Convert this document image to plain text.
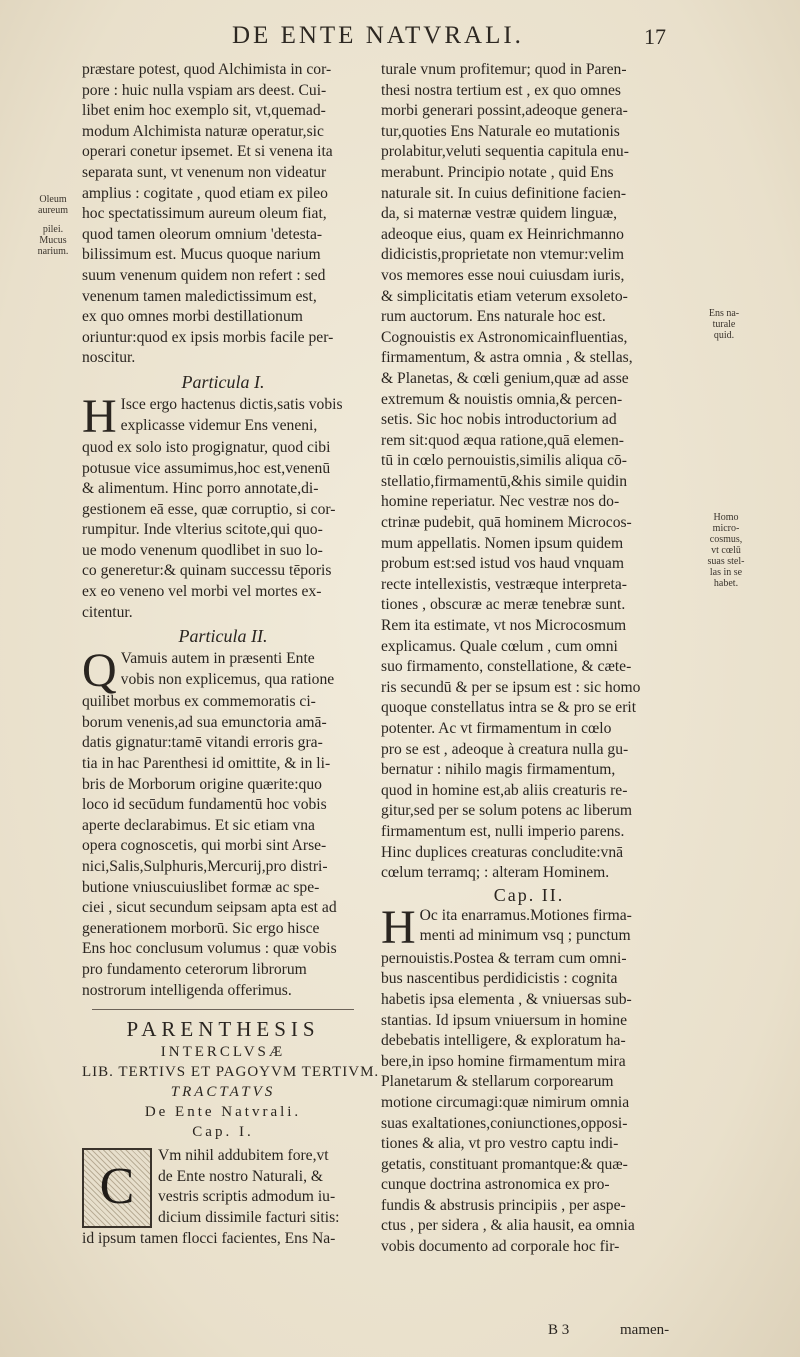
DE ENTE NATVRALI.	17
Oleum
aureum
pilei.
Mucus
narium.
Ens na-
turale
quid.
Homo
micro-
cosmus,
vt cœlū
suas stel-
las in se
habet.
præstare potest, quod Alchimista in cor-
pore : huic nulla vspiam ars deest. Cui-
libet enim hoc exemplo sit, vt,quemad-
modum Alchimista naturæ operatur,sic
operari conetur ipsemet. Et si venena ita
separata sunt, vt venenum non videatur
amplius : cogitate , quod etiam ex pileo
hoc spectatissimum aureum oleum fiat,
quod tamen oleorum omnium 'detesta-
bilissimum est. Mucus quoque narium
suum venenum quidem non refert : sed
venenum tamen maledictissimum est,
ex quo omnes morbi destillationum
oriuntur:quod ex ipsis morbis facile per-
noscitur.
Particula I.
H Isce ergo hactenus dictis,satis vobis
explicasse videmur Ens veneni,
quod ex solo isto progignatur, quod cibi
potusue vice assumimus,hoc est,venenū
& alimentum. Hinc porro annotate,di-
gestionem eā esse, quæ corruptio, si cor-
rumpitur. Inde vlterius scitote,qui quo-
ue modo venenum quodlibet in suo lo-
co generetur:& quinam successu tēporis
ex eo veneno vel morbi vel mortes ex-
citentur.
Particula II.
Q Vamuis autem in præsenti Ente
vobis non explicemus, qua ratione
quilibet morbus ex commemoratis ci-
borum venenis,ad sua emunctoria amā-
datis gignatur:tamē vitandi erroris gra-
tia in hac Parenthesi id omittite, & in li-
bris de Morborum origine quærite:quo
loco id secūdum fundamentū hoc vobis
aperte declarabimus. Et sic etiam vna
opera cognoscetis, qui morbi sint Arse-
nici,Salis,Sulphuris,Mercurij,pro distri-
butione vniuscuiuslibet formæ ac spe-
ciei , sicut secundum seipsam apta est ad
generationem morborū. Sic ergo hisce
Ens hoc conclusum volumus : quæ vobis
pro fundamento ceterorum librorum
nostrorum intelligenda offerimus.
PARENTHESIS
INTERCLVSÆ
LIB. TERTIVS ET PAGOYVM TERTIVM.
TRACTATVS
De Ente Natvrali.
Cap. I.
C
Vm nihil addubitem fore,vt
de Ente nostro Naturali, &
vestris scriptis admodum iu-
dicium dissimile facturi sitis:
id ipsum tamen flocci facientes, Ens Na-
turale vnum profitemur; quod in Paren-
thesi nostra tertium est , ex quo omnes
morbi generari possint,adeoque genera-
tur,quoties Ens Naturale eo mutationis
prolabitur,veluti sequentia capitula enu-
merabunt. Principio notate , quid Ens
naturale sit. In cuius definitione facien-
da, si maternæ vestræ quidem linguæ,
adeoque eius, quam ex Heinrichmanno
didicistis,proprietate non vtemur:velim
vos memores esse noui cuiusdam iuris,
& simplicitatis etiam veterum exsoleto-
rum auctorum. Ens naturale hoc est.
Cognouistis ex Astronomicainfluentias,
firmamentum, & astra omnia , & stellas,
& Planetas, & cœli genium,quæ ad asse
extremum & nouistis omnia,& percen-
setis. Sic hoc nobis introductorium ad
rem sit:quod æqua ratione,quā elemen-
tū in cœlo pernouistis,similis aliqua cō-
stellatio,firmamentū,&his simile quidin
homine reperiatur. Nec vestræ nos do-
ctrinæ pudebit, quā hominem Microcos-
mum appellatis. Nomen ipsum quidem
probum est:sed istud vos haud vnquam
recte intellexistis, vestræque interpreta-
tiones , obscuræ ac meræ tenebræ sunt.
Rem ita estimate, vt nos Microcosmum
explicamus. Quale cœlum , cum omni
suo firmamento, constellatione, & cæte-
ris secundū & per se ipsum est : sic homo
quoque constellatus intra se & pro se erit
potenter. Ac vt firmamentum in cœlo
pro se est , adeoque à creatura nulla gu-
bernatur : nihilo magis firmamentum,
quod in homine est,ab aliis creaturis re-
gitur,sed per se solum potens ac liberum
firmamentum est, nulli imperio parens.
Hinc duplices creaturas concludite:vnā
cœlum terramq; : alteram Hominem.
Cap. II.
H Oc ita enarramus.Motiones firma-
menti ad minimum vsq ; punctum
pernouistis.Postea & terram cum omni-
bus nascentibus perdidicistis : cognita
habetis ipsa elementa , & vniuersas sub-
stantias. Id ipsum vniuersum in homine
debebatis intelligere, & exploratum ha-
bere,in ipso homine firmamentum mira
Planetarum & stellarum corporearum
motione circumagi:quæ nimirum omnia
suas exaltationes,coniunctiones,opposi-
tiones & alia, vt pro vestro captu indi-
getatis, constituant promantque:& quæ-
cunque doctrina astronomica ex pro-
fundis & abstrusis principiis , per aspe-
ctus , per sidera , & alia hausit, ea omnia
vobis documento ad corporale hoc fir-
B 3	mamen-
